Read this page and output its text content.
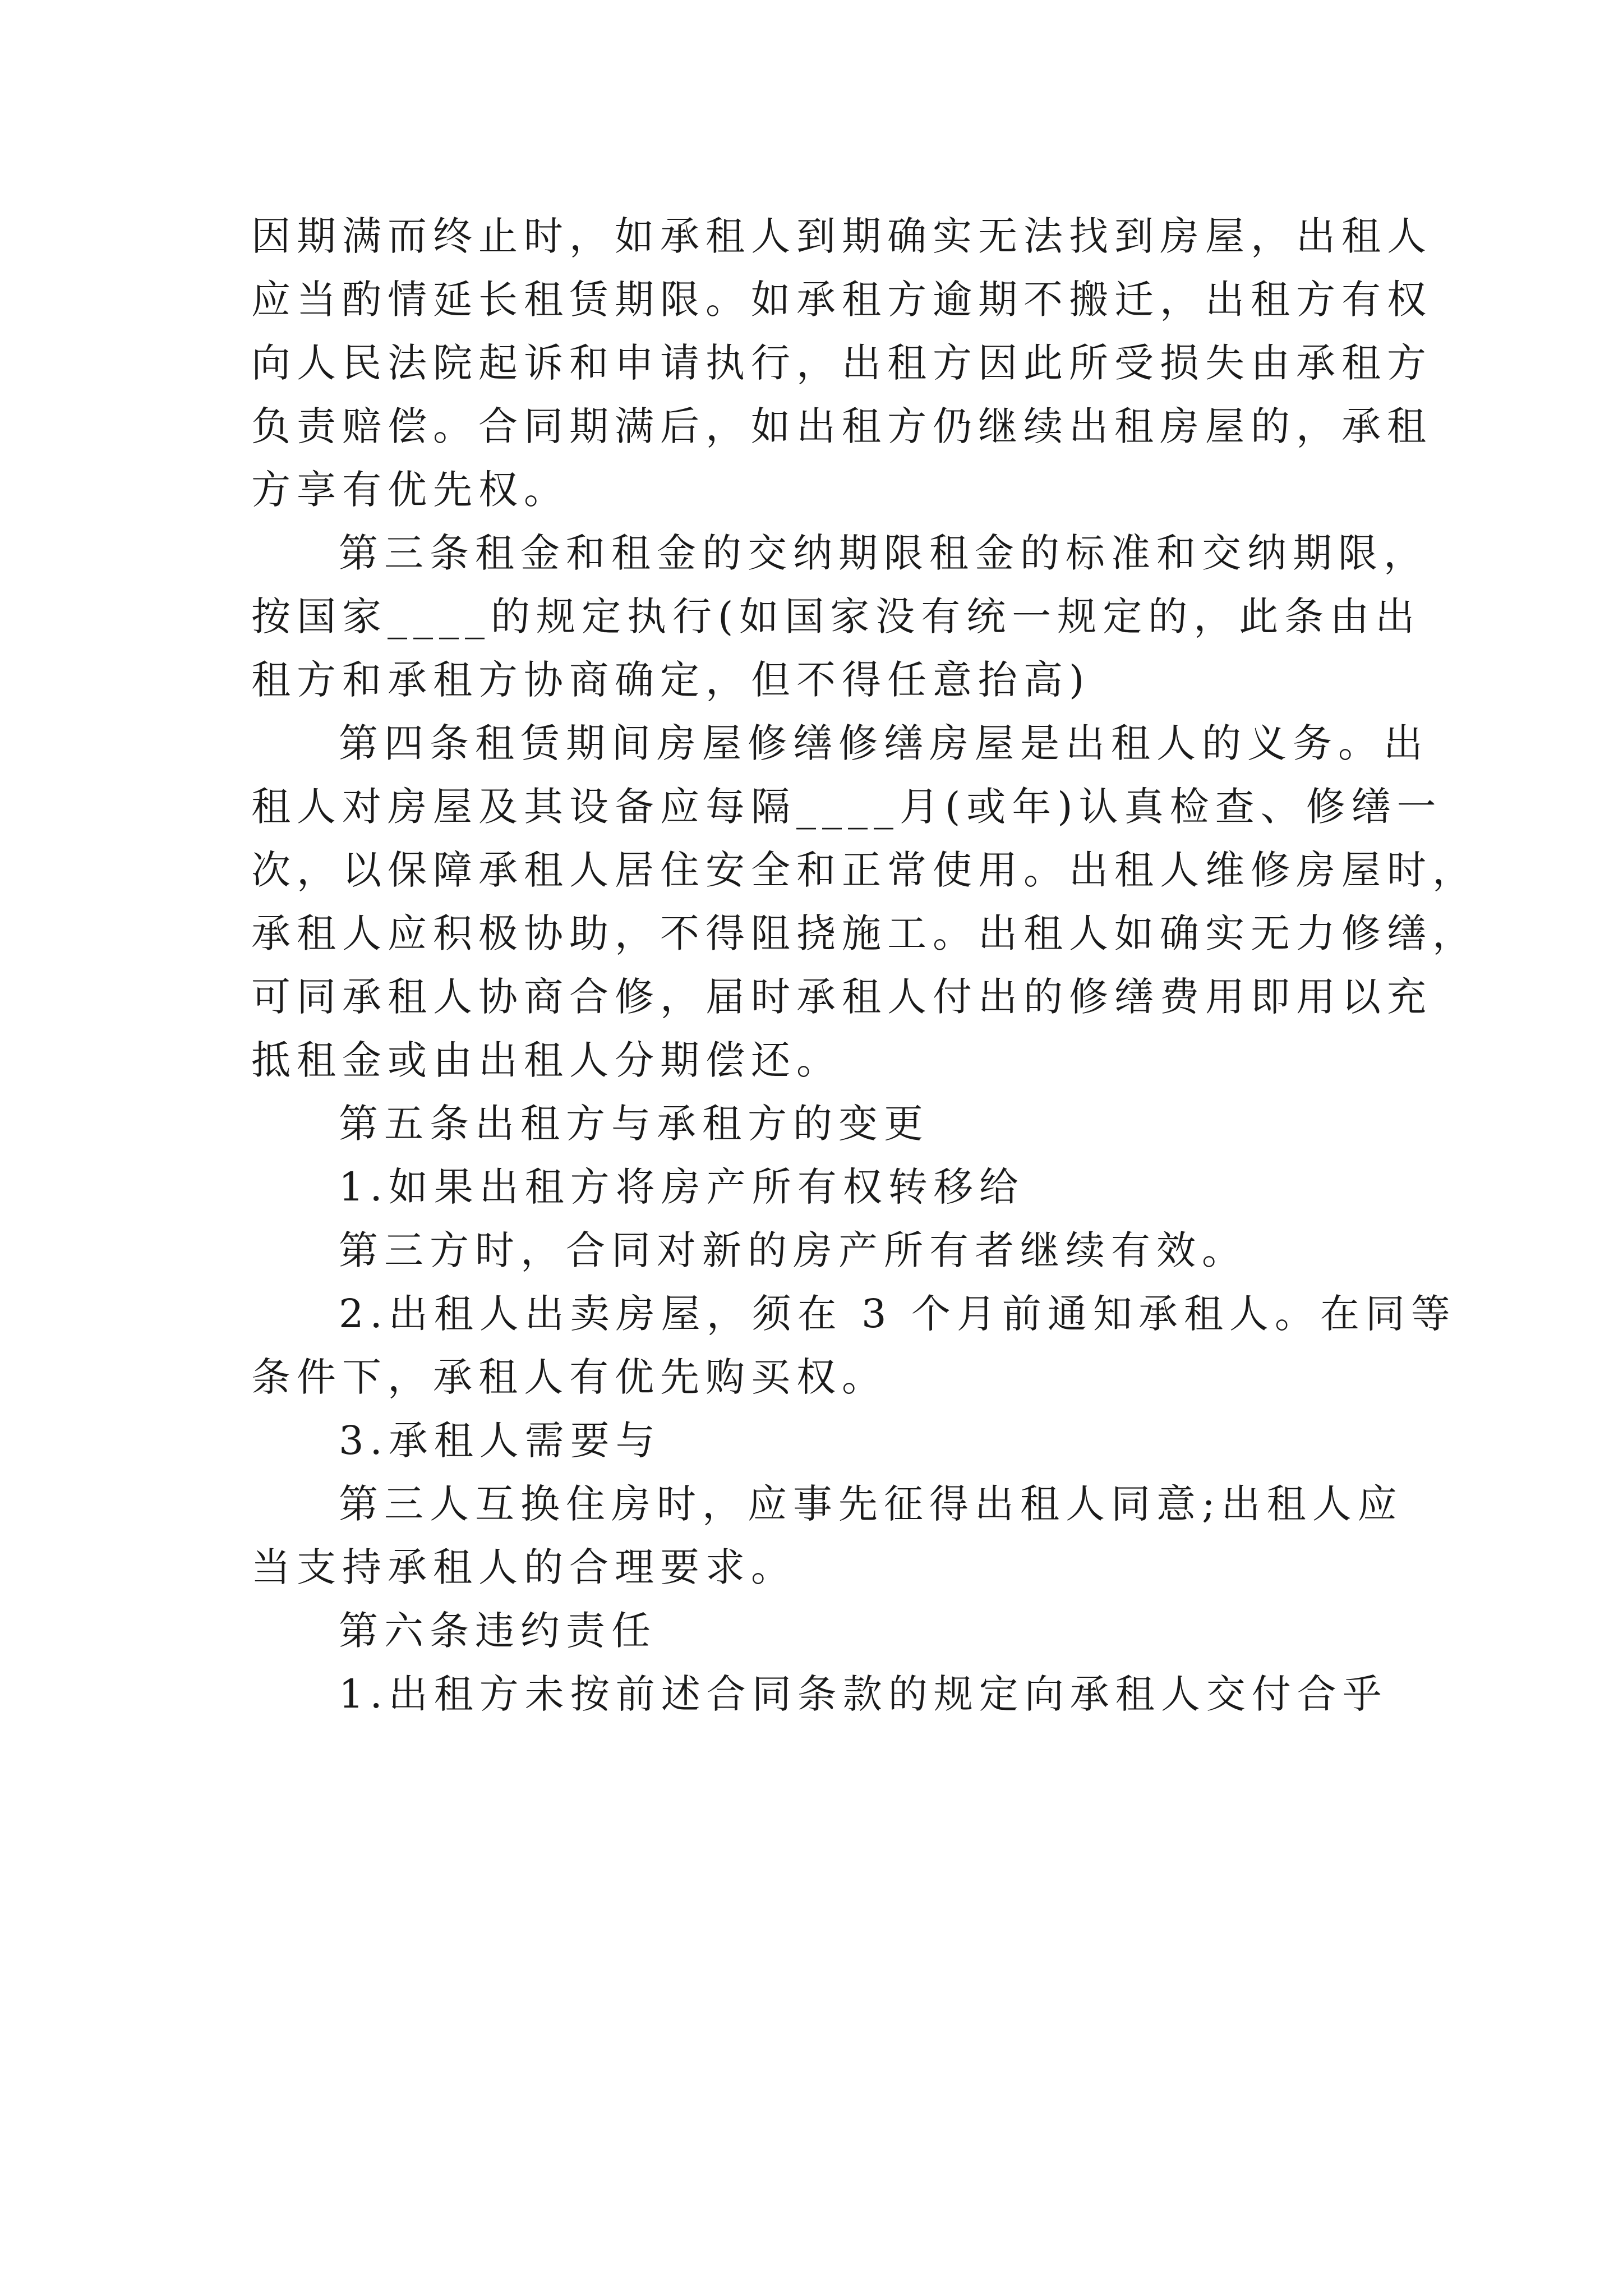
因期满而终止时，如承租人到期确实无法找到房屋，出租人
应当酌情延长租赁期限。如承租方逾期不搬迁，出租方有权
向人民法院起诉和申请执行，出租方因此所受损失由承租方
负责赔偿。合同期满后，如出租方仍继续出租房屋的，承租
方享有优先权。
第三条租金和租金的交纳期限租金的标准和交纳期限，
按国家____的规定执行(如国家没有统一规定的，此条由出
租方和承租方协商确定，但不得任意抬高)
第四条租赁期间房屋修缮修缮房屋是出租人的义务。出
租人对房屋及其设备应每隔____月(或年)认真检查、修缮一
次，以保障承租人居住安全和正常使用。出租人维修房屋时，
承租人应积极协助，不得阻挠施工。出租人如确实无力修缮，
可同承租人协商合修，届时承租人付出的修缮费用即用以充
抵租金或由出租人分期偿还。
第五条出租方与承租方的变更
1.如果出租方将房产所有权转移给
第三方时，合同对新的房产所有者继续有效。
2.出租人出卖房屋，须在 3 个月前通知承租人。在同等
条件下，承租人有优先购买权。
3.承租人需要与
第三人互换住房时，应事先征得出租人同意;出租人应
当支持承租人的合理要求。
第六条违约责任
1.出租方未按前述合同条款的规定向承租人交付合乎
